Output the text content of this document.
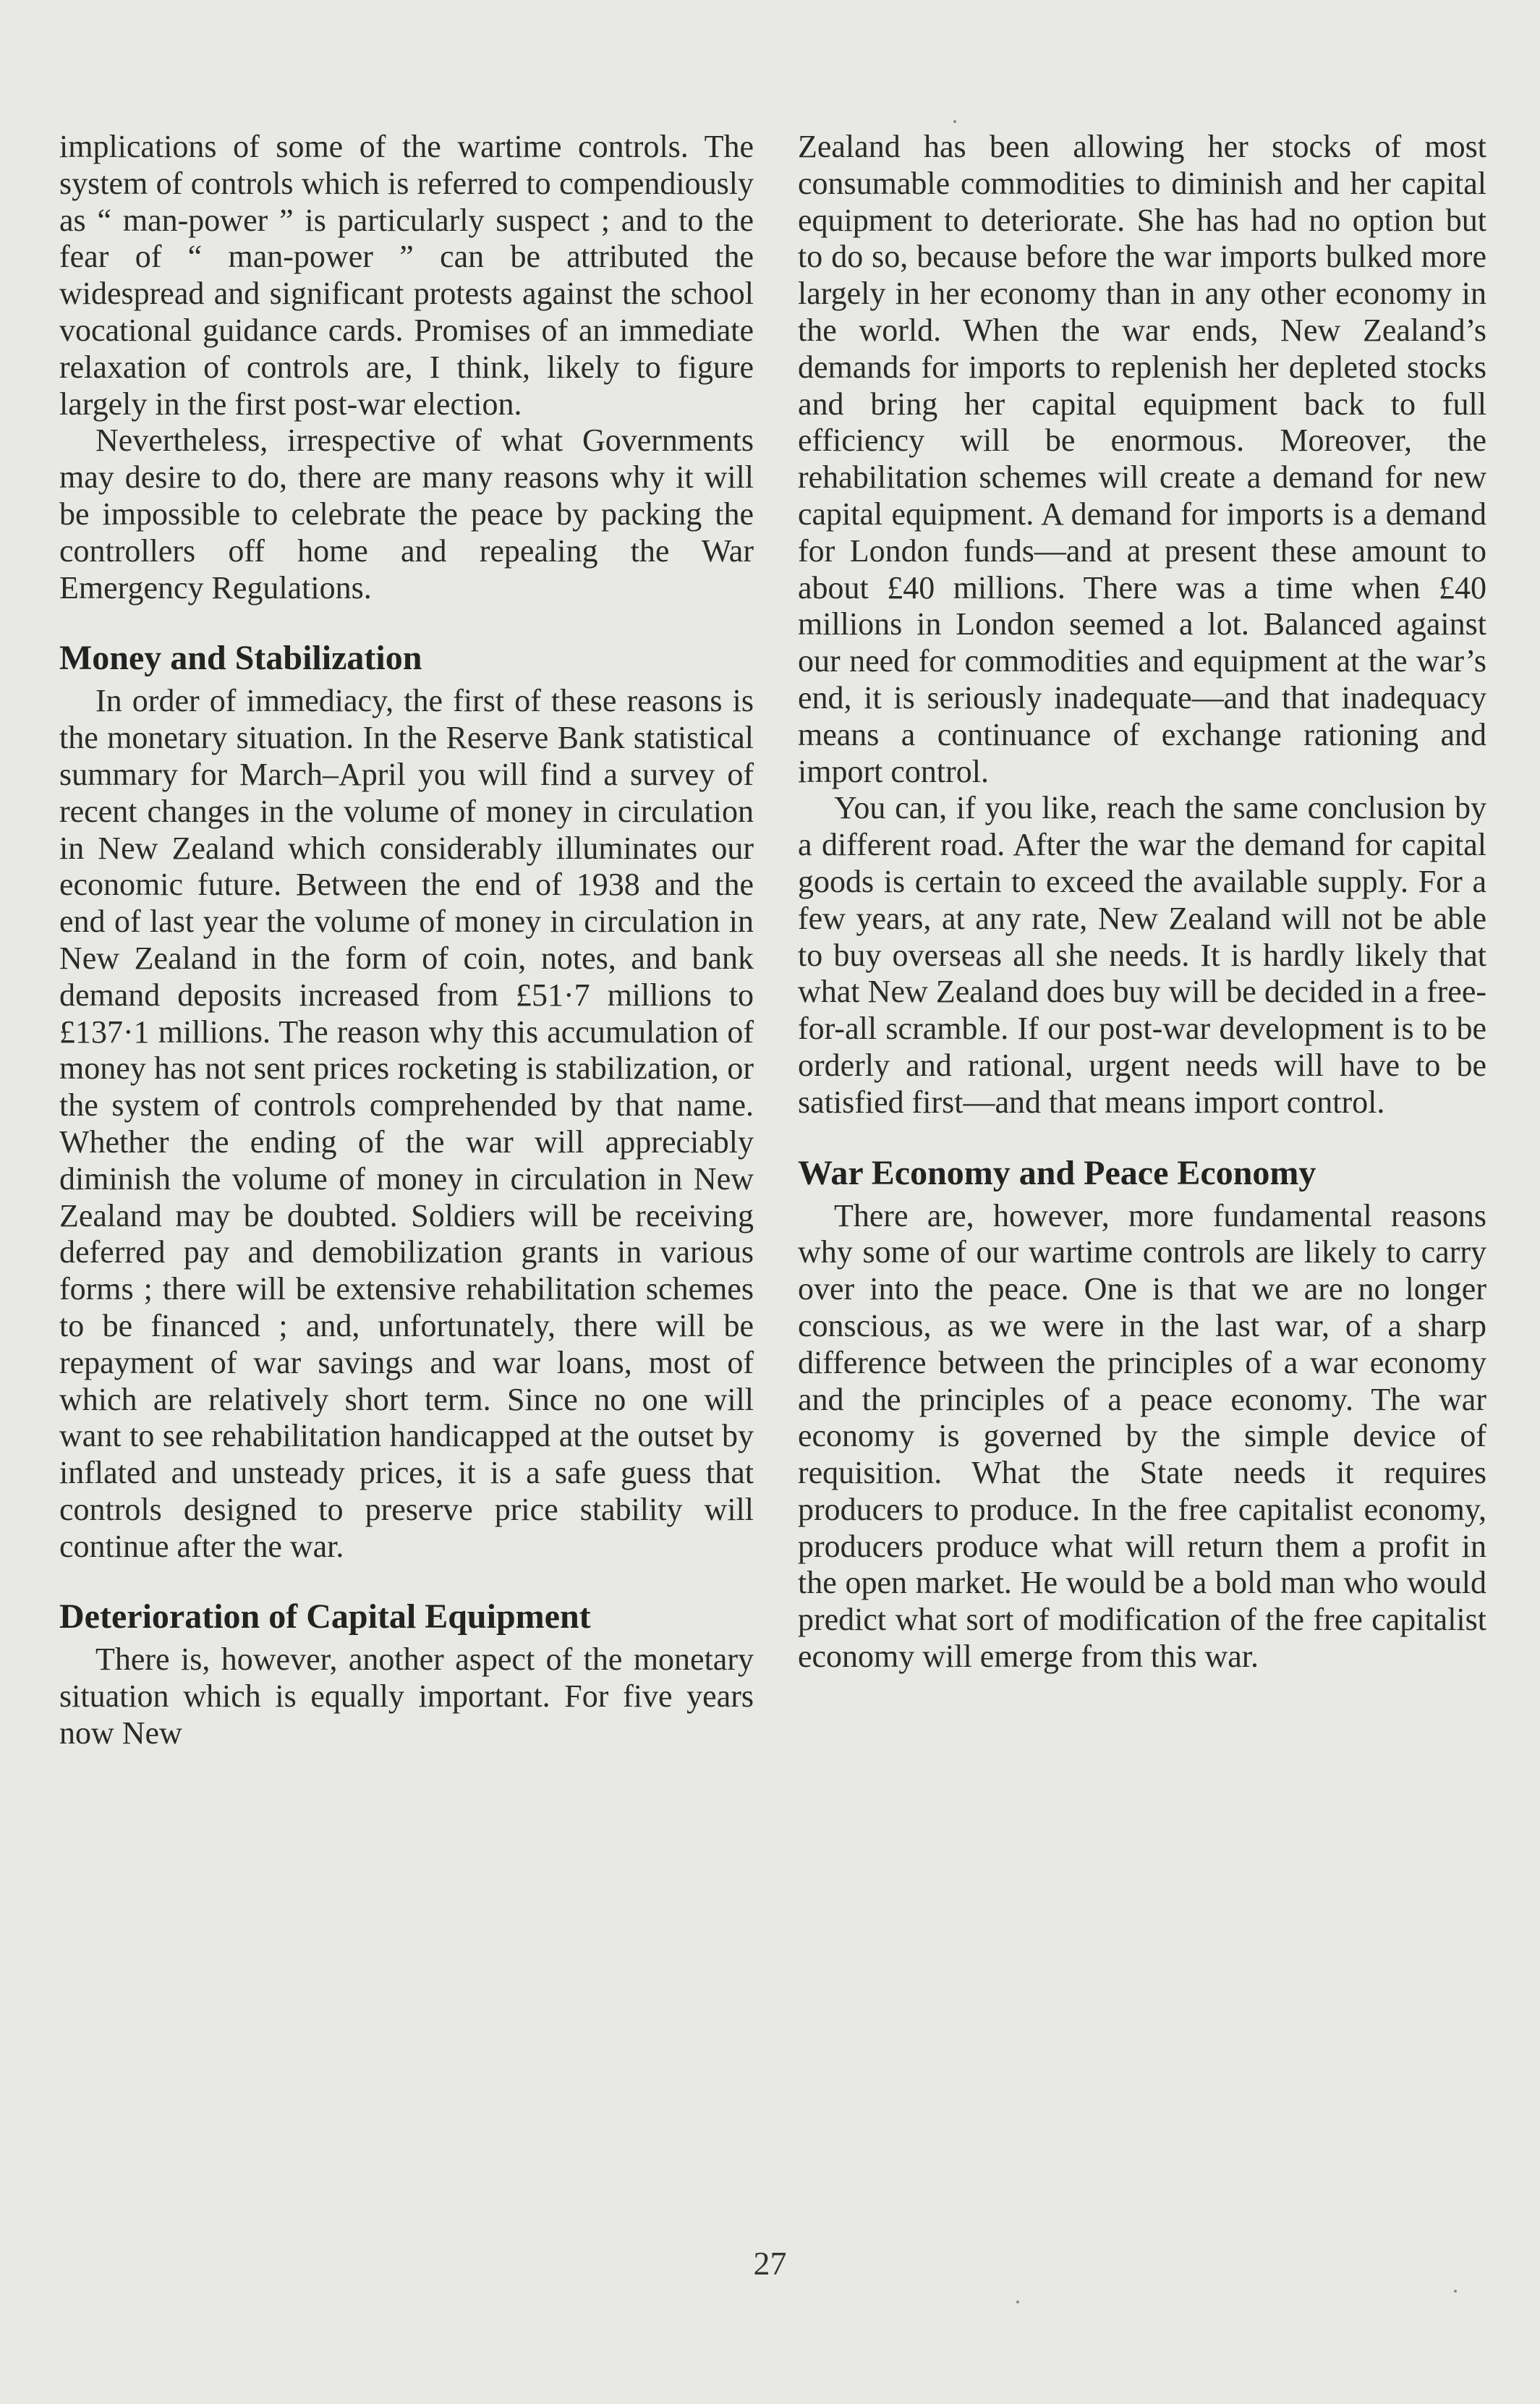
implications of some of the wartime controls. The system of controls which is referred to compendiously as “ man-power ” is particularly suspect ; and to the fear of “ man-power ” can be attributed the widespread and significant protests against the school vocational guidance cards. Promises of an immediate relaxation of controls are, I think, likely to figure largely in the first post-war election.

Nevertheless, irrespective of what Governments may desire to do, there are many reasons why it will be impossible to celebrate the peace by packing the controllers off home and repealing the War Emergency Regulations.

Money and Stabilization

In order of immediacy, the first of these reasons is the monetary situation. In the Reserve Bank statistical summary for March–April you will find a survey of recent changes in the volume of money in circulation in New Zealand which considerably illuminates our economic future. Between the end of 1938 and the end of last year the volume of money in circulation in New Zealand in the form of coin, notes, and bank demand deposits increased from £51·7 millions to £137·1 millions. The reason why this accumulation of money has not sent prices rocketing is stabilization, or the system of controls comprehended by that name. Whether the ending of the war will appreciably diminish the volume of money in circulation in New Zealand may be doubted. Soldiers will be receiving deferred pay and demobilization grants in various forms ; there will be extensive rehabilitation schemes to be financed ; and, unfortunately, there will be repayment of war savings and war loans, most of which are relatively short term. Since no one will want to see rehabilitation handicapped at the outset by inflated and unsteady prices, it is a safe guess that controls designed to preserve price stability will continue after the war.

Deterioration of Capital Equipment

There is, however, another aspect of the monetary situation which is equally important. For five years now New

Zealand has been allowing her stocks of most consumable commodities to diminish and her capital equipment to deteriorate. She has had no option but to do so, because before the war imports bulked more largely in her economy than in any other economy in the world. When the war ends, New Zealand’s demands for imports to replenish her depleted stocks and bring her capital equipment back to full efficiency will be enormous. Moreover, the rehabilitation schemes will create a demand for new capital equipment. A demand for imports is a demand for London funds—and at present these amount to about £40 millions. There was a time when £40 millions in London seemed a lot. Balanced against our need for commodities and equipment at the war’s end, it is seriously inadequate—and that inadequacy means a continuance of exchange rationing and import control.

You can, if you like, reach the same conclusion by a different road. After the war the demand for capital goods is certain to exceed the available supply. For a few years, at any rate, New Zealand will not be able to buy overseas all she needs. It is hardly likely that what New Zealand does buy will be decided in a free-for-all scramble. If our post-war development is to be orderly and rational, urgent needs will have to be satisfied first—and that means import control.

War Economy and Peace Economy

There are, however, more fundamental reasons why some of our wartime controls are likely to carry over into the peace. One is that we are no longer conscious, as we were in the last war, of a sharp difference between the principles of a war economy and the principles of a peace economy. The war economy is governed by the simple device of requisition. What the State needs it requires producers to produce. In the free capitalist economy, producers produce what will return them a profit in the open market. He would be a bold man who would predict what sort of modification of the free capitalist economy will emerge from this war.

27
